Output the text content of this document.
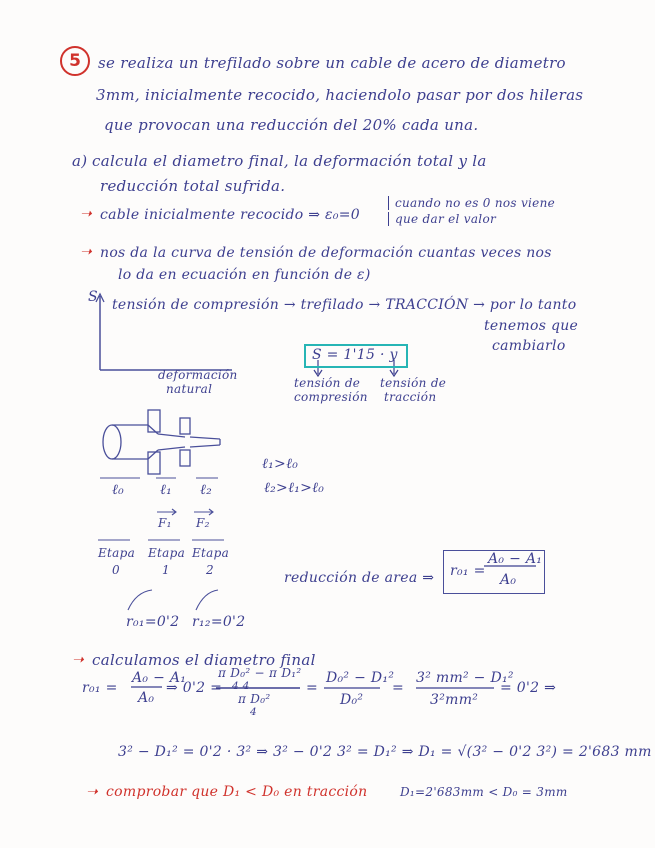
5	se realiza un trefilado sobre un cable de acero de diametro
3mm, inicialmente recocido, haciendolo pasar por dos hileras
que provocan una reducción del 20% cada una.
a) calcula el diametro final, la deformación total y la
reducción total sufrida.
➝ cable inicialmente recocido ⇒ ε₀=0
cuando no es 0 nos viene
que dar el valor
➝ nos da la curva de tensión de deformación cuantas veces nos
lo da en ecuación en función de ε)
S tensión de compresión → trefilado → TRACCIÓN → por lo tanto
tenemos que
cambiarlo
deformación
natural
S = 1'15 · y
tensión de
compresión
tensión de
tracción
ℓ₀	ℓ₁ ℓ₂
F₁ F₂
Etapa Etapa Etapa
0	1	2
ℓ₁>ℓ₀
ℓ₂>ℓ₁>ℓ₀
r₀₁=0'2 r₁₂=0'2
reducción de area ⇒ r₀₁ =
A₀ − A₁
A₀
➝ calculamos el diametro final
r₀₁ =
A₀ − A₁
A₀
⇒ 0'2 =
π D₀² − π D₁²
4 4
π D₀²
4
=
D₀² − D₁²
D₀²
=
3² mm² − D₁²
3²mm²
= 0'2 ⇒
3² − D₁² = 0'2 · 3² ⇒ 3² − 0'2 3² = D₁² ⇒ D₁ = √(3² − 0'2 3²) = 2'683 mm
➝ comprobar que D₁ < D₀ en tracción	D₁=2'683mm < D₀ = 3mm
